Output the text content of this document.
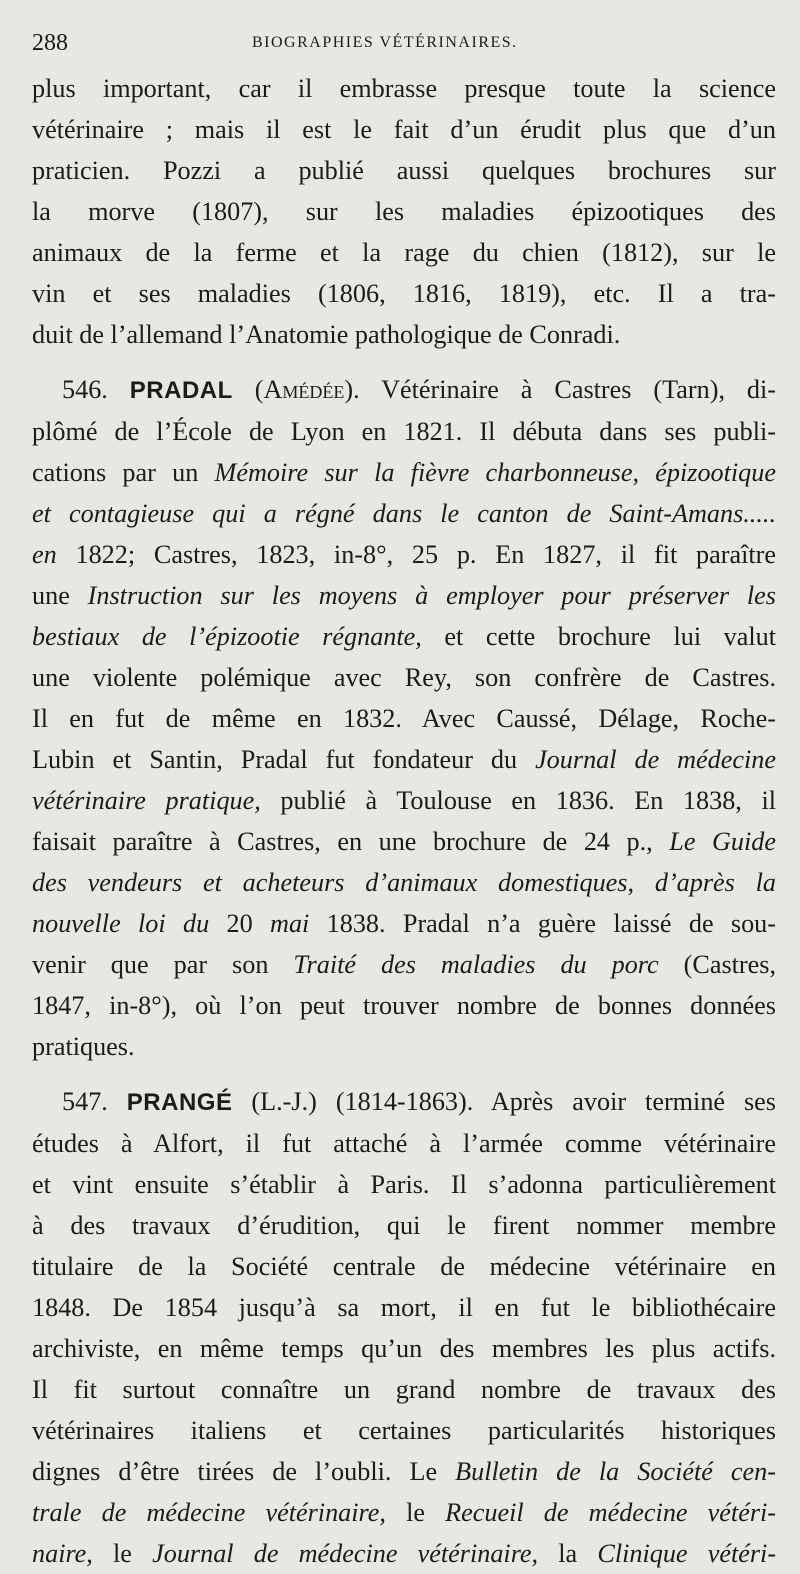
288	BIOGRAPHIES VÉTÉRINAIRES.
plus important, car il embrasse presque toute la science
vétérinaire ; mais il est le fait d’un érudit plus que d’un
praticien. Pozzi a publié aussi quelques brochures sur
la morve (1807), sur les maladies épizootiques des
animaux de la ferme et la rage du chien (1812), sur le
vin et ses maladies (1806, 1816, 1819), etc. Il a tra-
duit de l’allemand l’Anatomie pathologique de Conradi.
546. PRADAL (Amédée). Vétérinaire à Castres (Tarn), di-
plômé de l’École de Lyon en 1821. Il débuta dans ses publi-
cations par un Mémoire sur la fièvre charbonneuse, épizootique
et contagieuse qui a régné dans le canton de Saint-Amans.....
en 1822; Castres, 1823, in-8°, 25 p. En 1827, il fit paraître
une Instruction sur les moyens à employer pour préserver les
bestiaux de l’épizootie régnante, et cette brochure lui valut
une violente polémique avec Rey, son confrère de Castres.
Il en fut de même en 1832. Avec Caussé, Délage, Roche-
Lubin et Santin, Pradal fut fondateur du Journal de médecine
vétérinaire pratique, publié à Toulouse en 1836. En 1838, il
faisait paraître à Castres, en une brochure de 24 p., Le Guide
des vendeurs et acheteurs d’animaux domestiques, d’après la
nouvelle loi du 20 mai 1838. Pradal n’a guère laissé de sou-
venir que par son Traité des maladies du porc (Castres,
1847, in-8°), où l’on peut trouver nombre de bonnes données
pratiques.
547. PRANGÉ (L.-J.) (1814-1863). Après avoir terminé ses
études à Alfort, il fut attaché à l’armée comme vétérinaire
et vint ensuite s’établir à Paris. Il s’adonna particulièrement
à des travaux d’érudition, qui le firent nommer membre
titulaire de la Société centrale de médecine vétérinaire en
1848. De 1854 jusqu’à sa mort, il en fut le bibliothécaire
archiviste, en même temps qu’un des membres les plus actifs.
Il fit surtout connaître un grand nombre de travaux des
vétérinaires italiens et certaines particularités historiques
dignes d’être tirées de l’oubli. Le Bulletin de la Société cen-
trale de médecine vétérinaire, le Recueil de médecine vétéri-
naire, le Journal de médecine vétérinaire, la Clinique vétéri-
